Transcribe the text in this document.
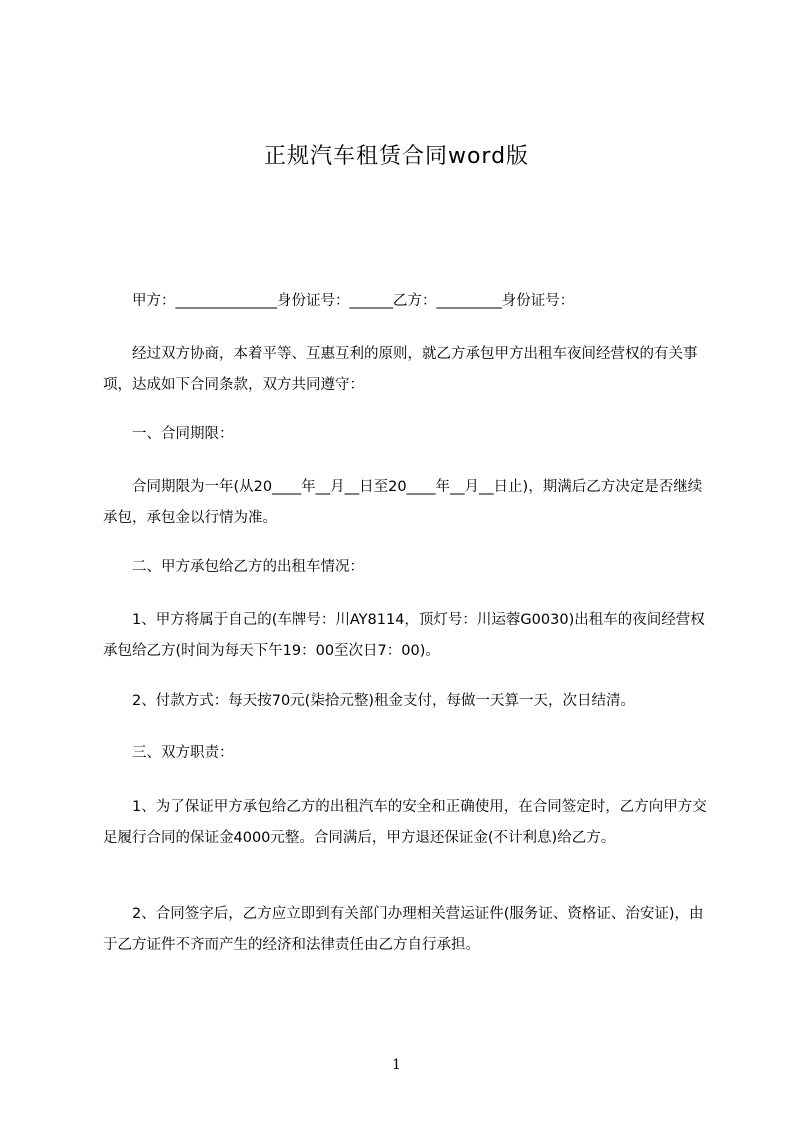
正规汽车租赁合同word版
　　甲方：______________身份证号：______乙方：_________身份证号：
　　经过双方协商，本着平等、互惠互利的原则，就乙方承包甲方出租车夜间经营权的有关事项，达成如下合同条款，双方共同遵守：
　　一、合同期限：
　　合同期限为一年(从20____年__月__日至20____年__月__日止)，期满后乙方决定是否继续承包，承包金以行情为准。
　　二、甲方承包给乙方的出租车情况：
　　1、甲方将属于自己的(车牌号：川AY8114，顶灯号：川运蓉G0030)出租车的夜间经营权承包给乙方(时间为每天下午19：00至次日7：00)。
　　2、付款方式：每天按70元(柒拾元整)租金支付，每做一天算一天，次日结清。
　　三、双方职责：
　　1、为了保证甲方承包给乙方的出租汽车的安全和正确使用，在合同签定时，乙方向甲方交足履行合同的保证金4000元整。合同满后，甲方退还保证金(不计利息)给乙方。
　　2、合同签字后，乙方应立即到有关部门办理相关营运证件(服务证、资格证、治安证)，由于乙方证件不齐而产生的经济和法律责任由乙方自行承担。
1
